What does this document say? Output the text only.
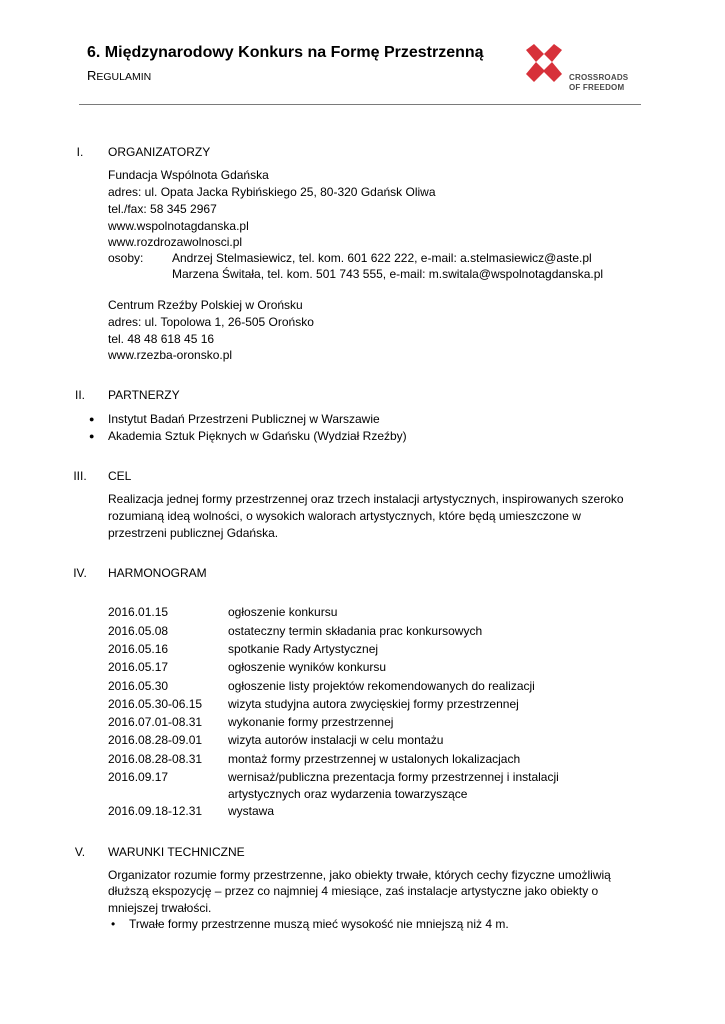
6. Międzynarodowy Konkurs na Formę Przestrzenną
REGULAMIN	CROSSROADS
OF FREEDOM
I.	ORGANIZATORZY
Fundacja Wspólnota Gdańska
adres: ul. Opata Jacka Rybińskiego 25, 80-320 Gdańsk Oliwa
tel./fax: 58 345 2967
www.wspolnotagdanska.pl
www.rozdrozawolnosci.pl
osoby: Andrzej Stelmasiewicz, tel. kom. 601 622 222, e-mail: a.stelmasiewicz@aste.pl
Marzena Świtała, tel. kom. 501 743 555, e-mail: m.switala@wspolnotagdanska.pl
Centrum Rzeźby Polskiej w Orońsku
adres: ul. Topolowa 1, 26-505 Orońsko
tel. 48 48 618 45 16
www.rzezba-oronsko.pl
II. PARTNERZY
● Instytut Badań Przestrzeni Publicznej w Warszawie
● Akademia Sztuk Pięknych w Gdańsku (Wydział Rzeźby)
III. CEL
Realizacja jednej formy przestrzennej oraz trzech instalacji artystycznych, inspirowanych szeroko
rozumianą ideą wolności, o wysokich walorach artystycznych, które będą umieszczone w
przestrzeni publicznej Gdańska.
IV. HARMONOGRAM
2016.01.15	ogłoszenie konkursu
2016.05.08	ostateczny termin składania prac konkursowych
2016.05.16	spotkanie Rady Artystycznej
2016.05.17	ogłoszenie wyników konkursu
2016.05.30	ogłoszenie listy projektów rekomendowanych do realizacji
2016.05.30-06.15 wizyta studyjna autora zwycięskiej formy przestrzennej
2016.07.01-08.31 wykonanie formy przestrzennej
2016.08.28-09.01 wizyta autorów instalacji w celu montażu
2016.08.28-08.31 montaż formy przestrzennej w ustalonych lokalizacjach
2016.09.17	wernisaż/publiczna prezentacja formy przestrzennej i instalacji
artystycznych oraz wydarzenia towarzyszące
2016.09.18-12.31 wystawa
V. WARUNKI TECHNICZNE
Organizator rozumie formy przestrzenne, jako obiekty trwałe, których cechy fizyczne umożliwią
dłuższą ekspozycję – przez co najmniej 4 miesiące, zaś instalacje artystyczne jako obiekty o
mniejszej trwałości.
• Trwałe formy przestrzenne muszą mieć wysokość nie mniejszą niż 4 m.
